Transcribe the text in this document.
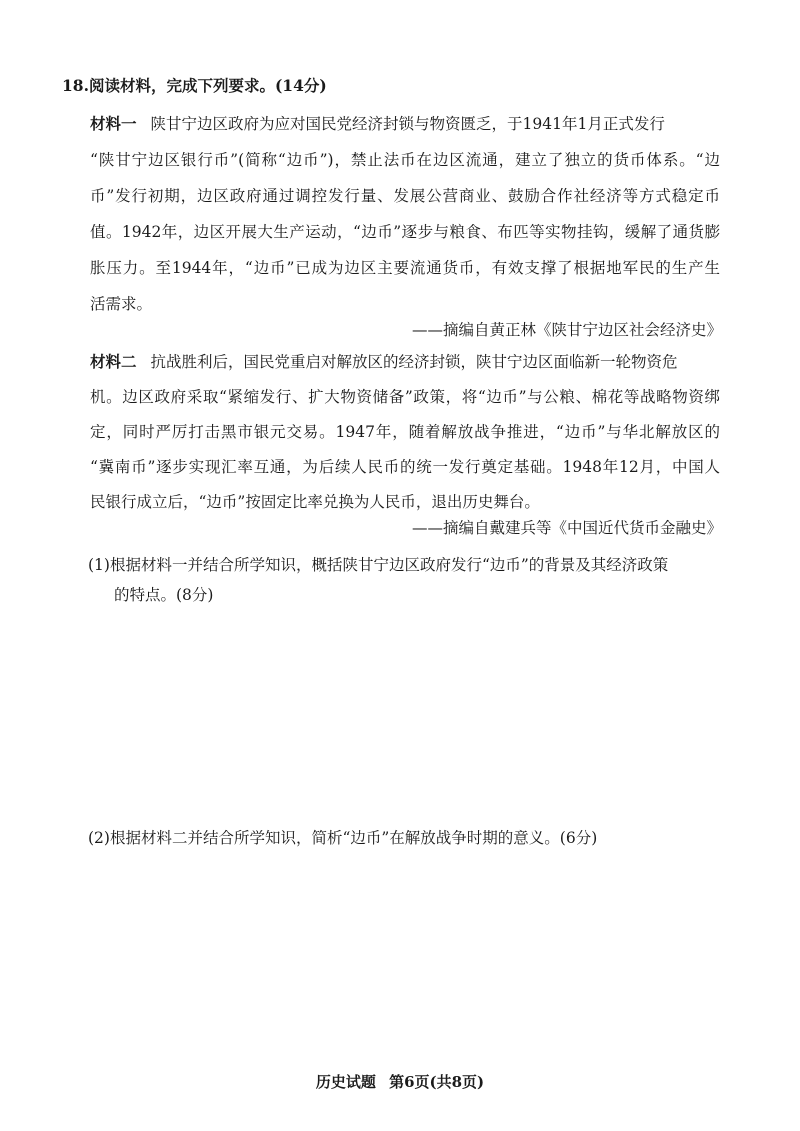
18.阅读材料，完成下列要求。(14分)
材料一 陕甘宁边区政府为应对国民党经济封锁与物资匮乏，于1941年1月正式发行
“陕甘宁边区银行币”(简称“边币”)，禁止法币在边区流通，建立了独立的货币体系。“边
币”发行初期，边区政府通过调控发行量、发展公营商业、鼓励合作社经济等方式稳定币
值。1942年，边区开展大生产运动，“边币”逐步与粮食、布匹等实物挂钩，缓解了通货膨
胀压力。至1944年，“边币”已成为边区主要流通货币，有效支撑了根据地军民的生产生
活需求。
——摘编自黄正林《陕甘宁边区社会经济史》
材料二 抗战胜利后，国民党重启对解放区的经济封锁，陕甘宁边区面临新一轮物资危
机。边区政府采取“紧缩发行、扩大物资储备”政策，将“边币”与公粮、棉花等战略物资绑
定，同时严厉打击黑市银元交易。1947年，随着解放战争推进，“边币”与华北解放区的
“冀南币”逐步实现汇率互通，为后续人民币的统一发行奠定基础。1948年12月，中国人
民银行成立后，“边币”按固定比率兑换为人民币，退出历史舞台。
——摘编自戴建兵等《中国近代货币金融史》
(1)根据材料一并结合所学知识，概括陕甘宁边区政府发行“边币”的背景及其经济政策
的特点。(8分)
(2)根据材料二并结合所学知识，简析“边币”在解放战争时期的意义。(6分)
历史试题 第6页(共8页)
